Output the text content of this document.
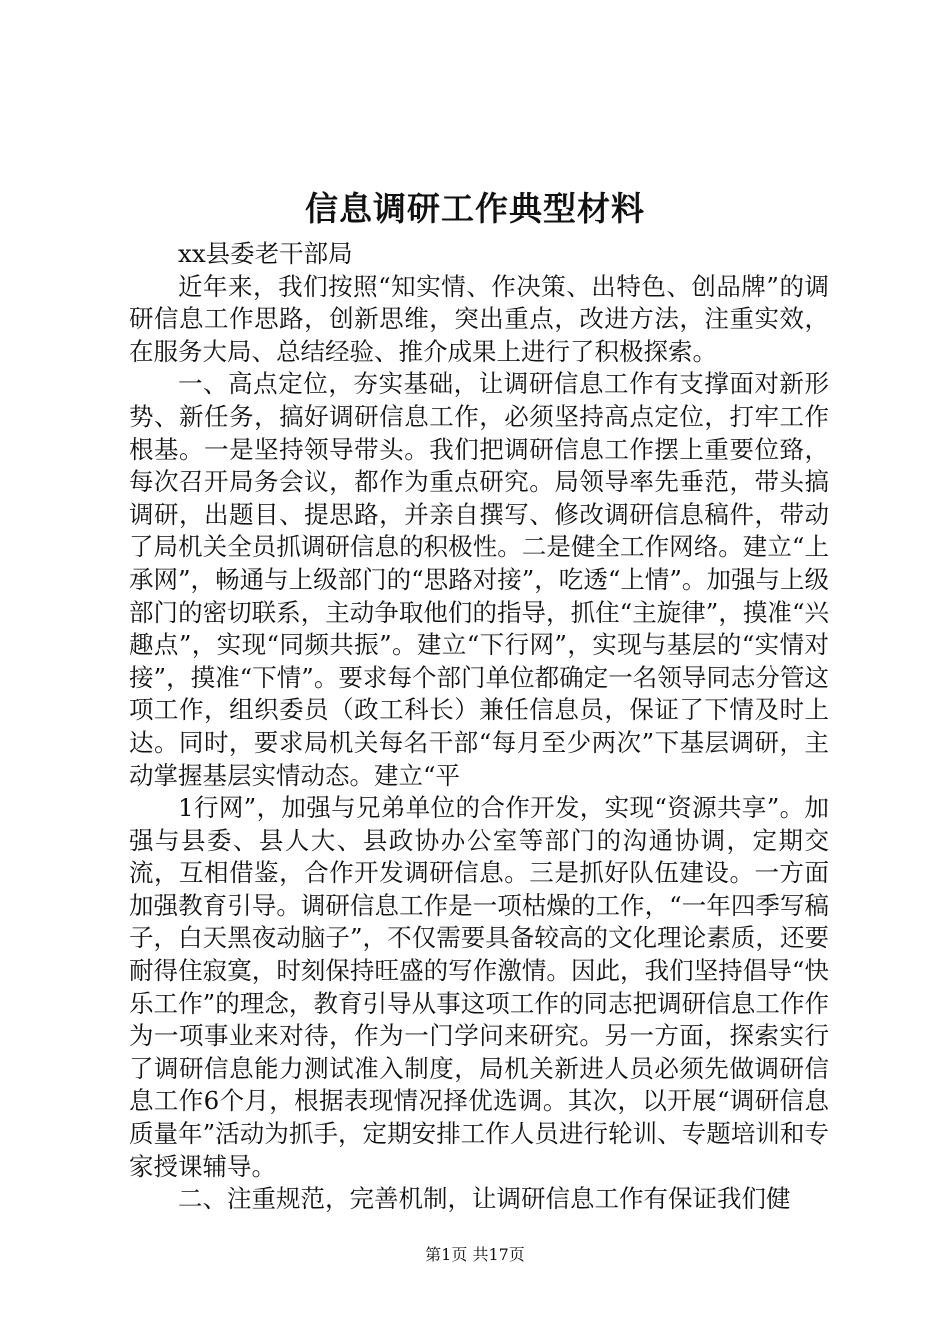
信息调研工作典型材料

xx县委老干部局

近年来，我们按照“知实情、作决策、出特色、创品牌”的调研信息工作思路，创新思维，突出重点，改进方法，注重实效，在服务大局、总结经验、推介成果上进行了积极探索。

一、高点定位，夯实基础，让调研信息工作有支撑面对新形势、新任务，搞好调研信息工作，必须坚持高点定位，打牢工作根基。一是坚持领导带头。我们把调研信息工作摆上重要位臵，每次召开局务会议，都作为重点研究。局领导率先垂范，带头搞调研，出题目、提思路，并亲自撰写、修改调研信息稿件，带动了局机关全员抓调研信息的积极性。二是健全工作网络。建立“上承网”，畅通与上级部门的“思路对接”，吃透“上情”。加强与上级部门的密切联系，主动争取他们的指导，抓住“主旋律”，摸准“兴趣点”，实现“同频共振”。建立“下行网”，实现与基层的“实情对接”，摸准“下情”。要求每个部门单位都确定一名领导同志分管这项工作，组织委员（政工科长）兼任信息员，保证了下情及时上达。同时，要求局机关每名干部“每月至少两次”下基层调研，主动掌握基层实情动态。建立“平

1行网”，加强与兄弟单位的合作开发，实现“资源共享”。加强与县委、县人大、县政协办公室等部门的沟通协调，定期交流，互相借鉴，合作开发调研信息。三是抓好队伍建设。一方面加强教育引导。调研信息工作是一项枯燥的工作，“一年四季写稿子，白天黑夜动脑子”，不仅需要具备较高的文化理论素质，还要耐得住寂寞，时刻保持旺盛的写作激情。因此，我们坚持倡导“快乐工作”的理念，教育引导从事这项工作的同志把调研信息工作作为一项事业来对待，作为一门学问来研究。另一方面，探索实行了调研信息能力测试准入制度，局机关新进人员必须先做调研信息工作6个月，根据表现情况择优选调。其次，以开展“调研信息质量年”活动为抓手，定期安排工作人员进行轮训、专题培训和专家授课辅导。

二、注重规范，完善机制，让调研信息工作有保证我们健

第1页 共17页
